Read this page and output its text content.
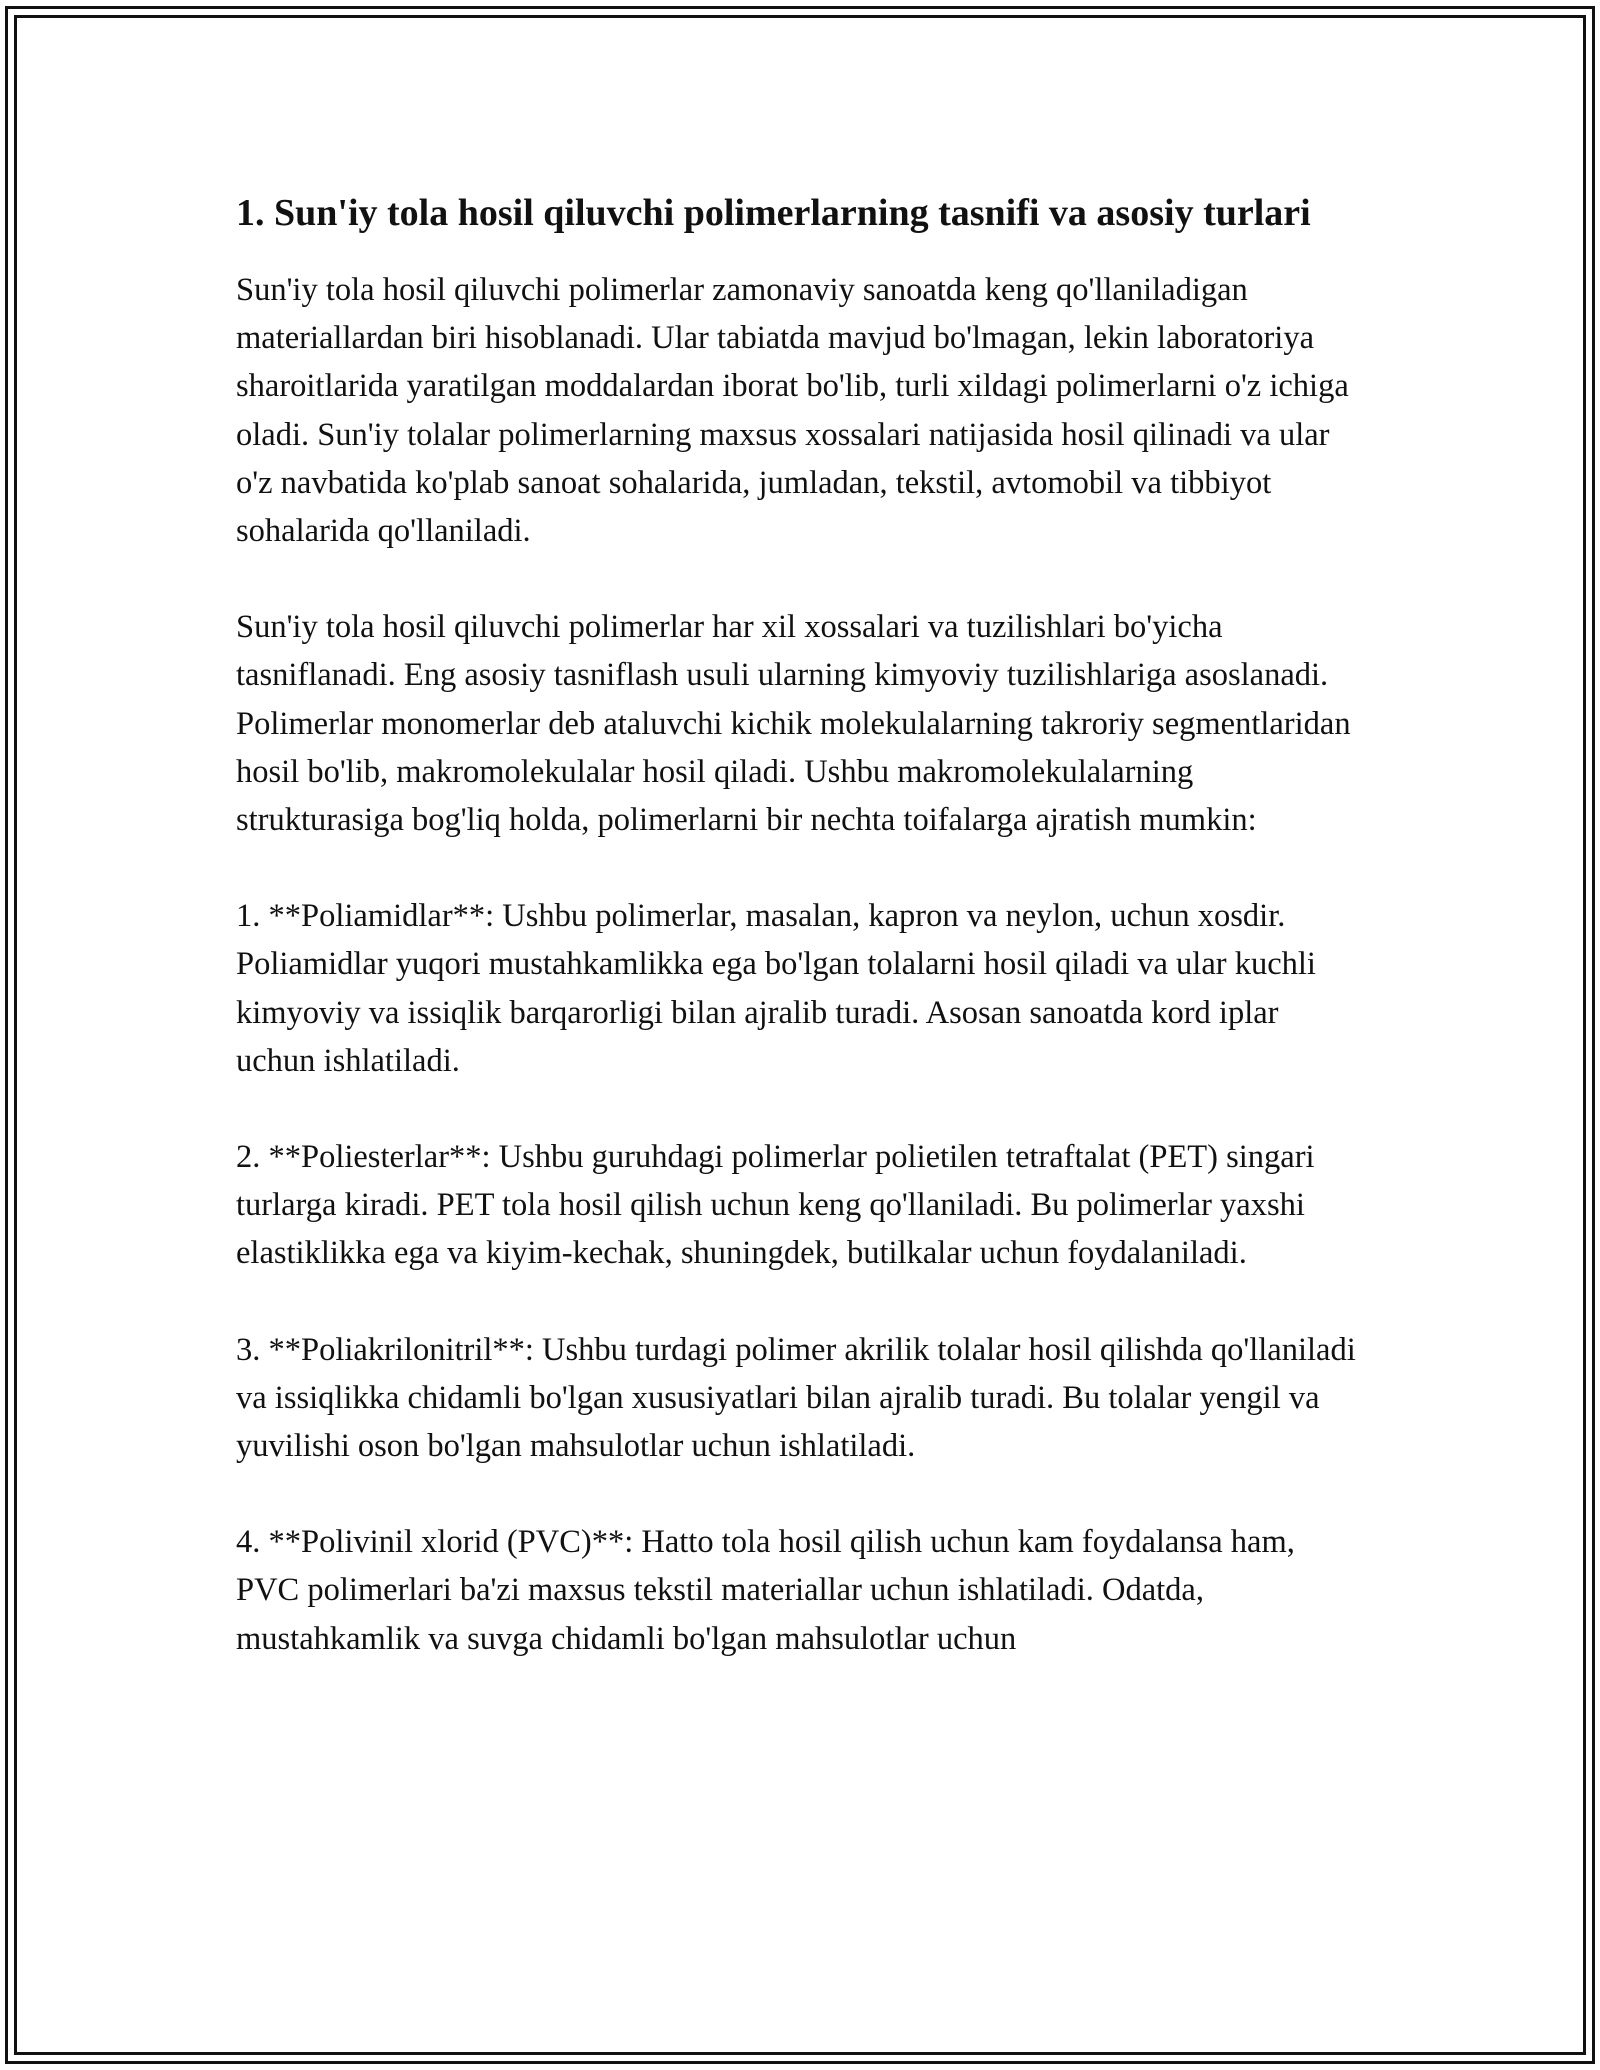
1. Sun'iy tola hosil qiluvchi polimerlarning tasnifi va asosiy turlari

Sun'iy tola hosil qiluvchi polimerlar zamonaviy sanoatda keng qo'llaniladigan materiallardan biri hisoblanadi. Ular tabiatda mavjud bo'lmagan, lekin laboratoriya sharoitlarida yaratilgan moddalardan iborat bo'lib, turli xildagi polimerlarni o'z ichiga oladi. Sun'iy tolalar polimerlarning maxsus xossalari natijasida hosil qilinadi va ular o'z navbatida ko'plab sanoat sohalarida, jumladan, tekstil, avtomobil va tibbiyot sohalarida qo'llaniladi.

Sun'iy tola hosil qiluvchi polimerlar har xil xossalari va tuzilishlari bo'yicha tasniflanadi. Eng asosiy tasniflash usuli ularning kimyoviy tuzilishlariga asoslanadi. Polimerlar monomerlar deb ataluvchi kichik molekulalarning takroriy segmentlaridan hosil bo'lib, makromolekulalar hosil qiladi. Ushbu makromolekulalarning strukturasiga bog'liq holda, polimerlarni bir nechta toifalarga ajratish mumkin:

1. **Poliamidlar**: Ushbu polimerlar, masalan, kapron va neylon, uchun xosdir. Poliamidlar yuqori mustahkamlikka ega bo'lgan tolalarni hosil qiladi va ular kuchli kimyoviy va issiqlik barqarorligi bilan ajralib turadi. Asosan sanoatda kord iplar uchun ishlatiladi.

2. **Poliesterlar**: Ushbu guruhdagi polimerlar polietilen tetraftalat (PET) singari turlarga kiradi. PET tola hosil qilish uchun keng qo'llaniladi. Bu polimerlar yaxshi elastiklikka ega va kiyim-kechak, shuningdek, butilkalar uchun foydalaniladi.

3. **Poliakrilonitril**: Ushbu turdagi polimer akrilik tolalar hosil qilishda qo'llaniladi va issiqlikka chidamli bo'lgan xususiyatlari bilan ajralib turadi. Bu tolalar yengil va yuvilishi oson bo'lgan mahsulotlar uchun ishlatiladi.

4. **Polivinil xlorid (PVC)**: Hatto tola hosil qilish uchun kam foydalansa ham, PVC polimerlari ba'zi maxsus tekstil materiallar uchun ishlatiladi. Odatda, mustahkamlik va suvga chidamli bo'lgan mahsulotlar uchun
